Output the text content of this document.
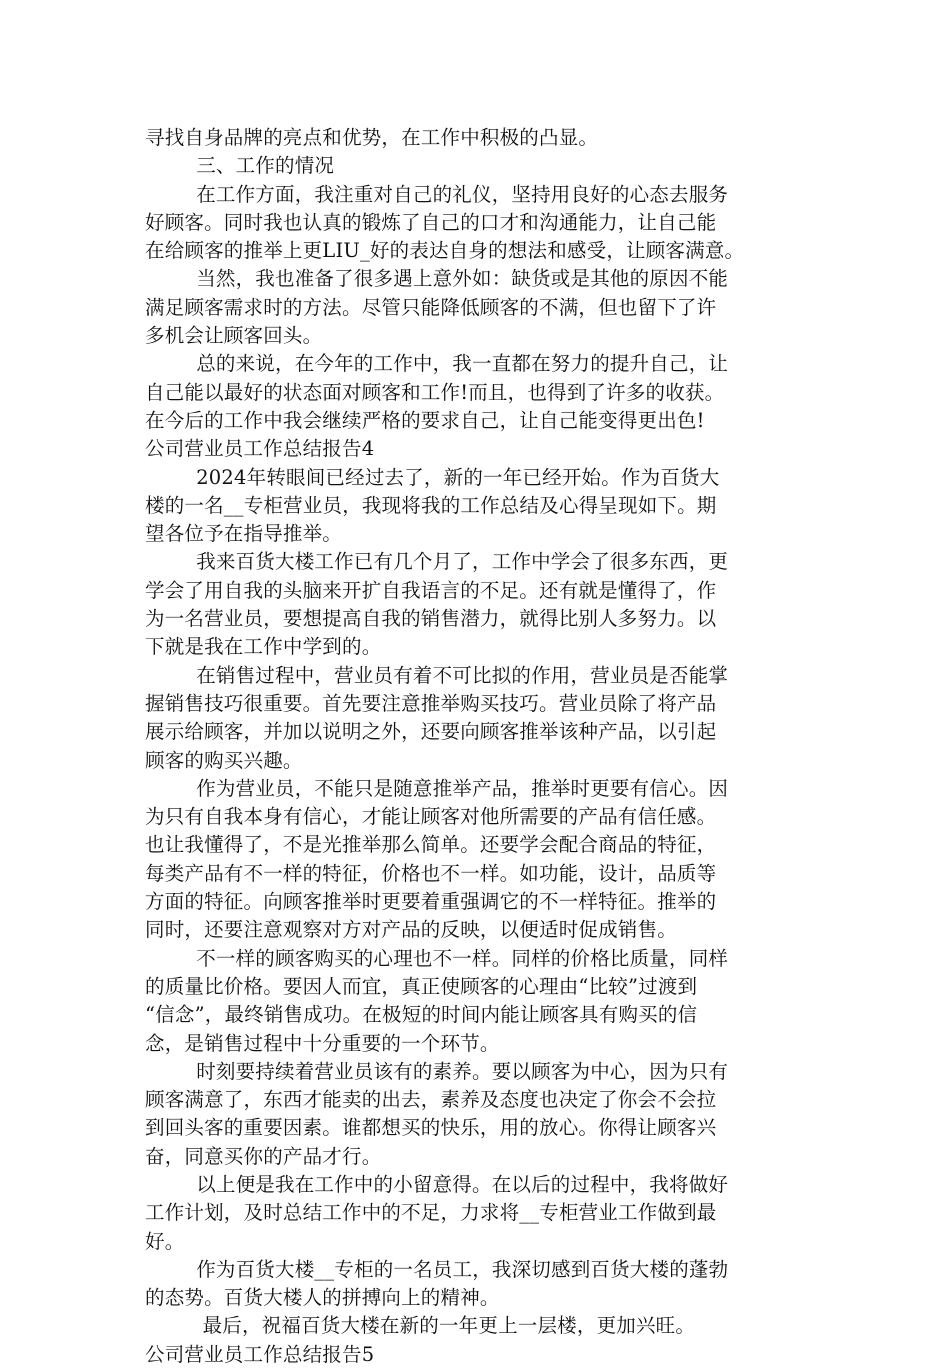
寻找自身品牌的亮点和优势，在工作中积极的凸显。
三、工作的情况
在工作方面，我注重对自己的礼仪，坚持用良好的心态去服务
好顾客。同时我也认真的锻炼了自己的口才和沟通能力，让自己能
在给顾客的推举上更LIU_好的表达自身的想法和感受，让顾客满意。
当然，我也准备了很多遇上意外如：缺货或是其他的原因不能
满足顾客需求时的方法。尽管只能降低顾客的不满，但也留下了许
多机会让顾客回头。
总的来说，在今年的工作中，我一直都在努力的提升自己，让
自己能以最好的状态面对顾客和工作!而且，也得到了许多的收获。
在今后的工作中我会继续严格的要求自己，让自己能变得更出色!
公司营业员工作总结报告4
2024年转眼间已经过去了，新的一年已经开始。作为百货大
楼的一名__专柜营业员，我现将我的工作总结及心得呈现如下。期
望各位予在指导推举。
我来百货大楼工作已有几个月了，工作中学会了很多东西，更
学会了用自我的头脑来开扩自我语言的不足。还有就是懂得了，作
为一名营业员，要想提高自我的销售潜力，就得比别人多努力。以
下就是我在工作中学到的。
在销售过程中，营业员有着不可比拟的作用，营业员是否能掌
握销售技巧很重要。首先要注意推举购买技巧。营业员除了将产品
展示给顾客，并加以说明之外，还要向顾客推举该种产品，以引起
顾客的购买兴趣。
作为营业员，不能只是随意推举产品，推举时更要有信心。因
为只有自我本身有信心，才能让顾客对他所需要的产品有信任感。
也让我懂得了，不是光推举那么简单。还要学会配合商品的特征，
每类产品有不一样的特征，价格也不一样。如功能，设计，品质等
方面的特征。向顾客推举时更要着重强调它的不一样特征。推举的
同时，还要注意观察对方对产品的反映，以便适时促成销售。
不一样的顾客购买的心理也不一样。同样的价格比质量，同样
的质量比价格。要因人而宜，真正使顾客的心理由“比较”过渡到
“信念”，最终销售成功。在极短的时间内能让顾客具有购买的信
念，是销售过程中十分重要的一个环节。
时刻要持续着营业员该有的素养。要以顾客为中心，因为只有
顾客满意了，东西才能卖的出去，素养及态度也决定了你会不会拉
到回头客的重要因素。谁都想买的快乐，用的放心。你得让顾客兴
奋，同意买你的产品才行。
以上便是我在工作中的小留意得。在以后的过程中，我将做好
工作计划，及时总结工作中的不足，力求将__专柜营业工作做到最
好。
作为百货大楼__专柜的一名员工，我深切感到百货大楼的蓬勃
的态势。百货大楼人的拼搏向上的精神。
最后，祝福百货大楼在新的一年更上一层楼，更加兴旺。
公司营业员工作总结报告5
